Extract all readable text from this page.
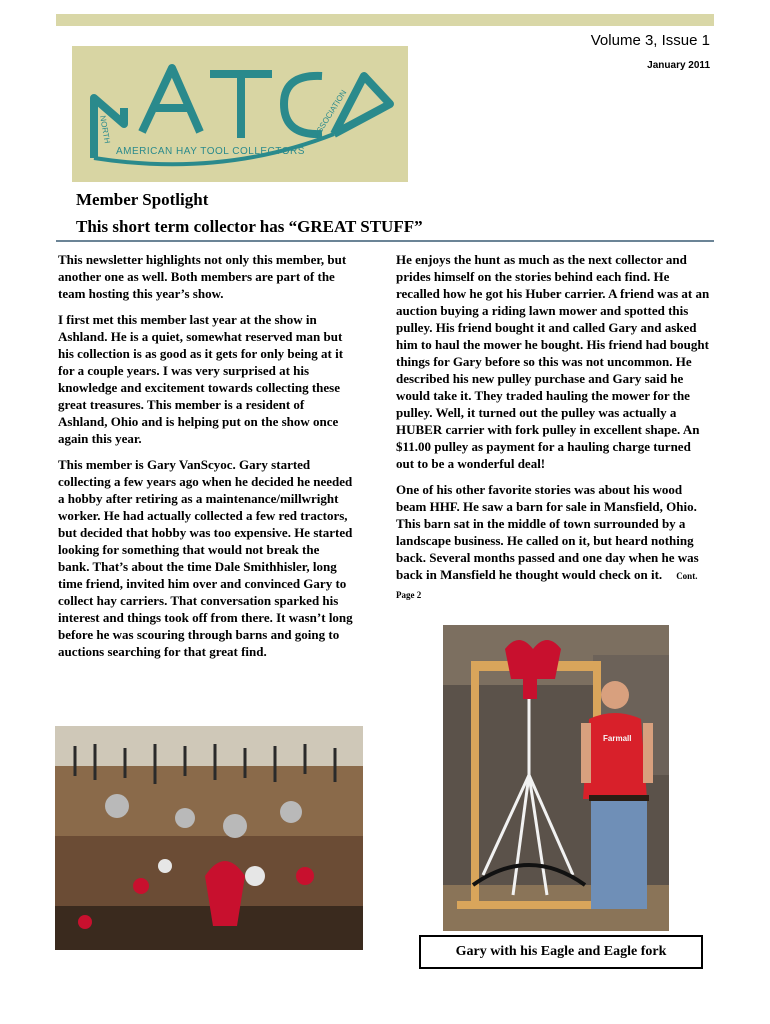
Volume 3, Issue 1
January 2011
AMERICAN HAY TOOL COLLECTORS
NORTH	ASSOCIATION
Member Spotlight
This short term collector has “GREAT STUFF”

This newsletter highlights not only this member, but another one as well. Both members are part of the team hosting this year’s show.

I first met this member last year at the show in Ashland. He is a quiet, somewhat reserved man but his collection is as good as it gets for only being at it for a couple years. I was very surprised at his knowledge and excitement towards collecting these great treasures. This member is a resident of Ashland, Ohio and is helping put on the show once again this year.

This member is Gary VanScyoc. Gary started collecting a few years ago when he decided he needed a hobby after retiring as a maintenance/millwright worker. He had actually collected a few red tractors, but decided that hobby was too expensive. He started looking for something that would not break the bank. That’s about the time Dale Smithhisler, long time friend, invited him over and convinced Gary to collect hay carriers. That conversation sparked his interest and things took off from there. It wasn’t long before he was scouring through barns and going to auctions searching for that great find.

He enjoys the hunt as much as the next collector and prides himself on the stories behind each find. He recalled how he got his Huber carrier. A friend was at an auction buying a riding lawn mower and spotted this pulley. His friend bought it and called Gary and asked him to haul the mower he bought. His friend had bought things for Gary before so this was not uncommon. He described his new pulley purchase and Gary said he would take it. They traded hauling the mower for the pulley. Well, it turned out the pulley was actually a HUBER carrier with fork pulley in excellent shape. An $11.00 pulley as payment for a hauling charge turned out to be a wonderful deal!

One of his other favorite stories was about his wood beam HHF. He saw a barn for sale in Mansfield, Ohio. This barn sat in the middle of town surrounded by a landscape business. He called on it, but heard nothing back. Several months passed and one day when he was back in Mansfield he thought would check on it. Cont. Page 2

Farmall
Gary with his Eagle and Eagle fork
